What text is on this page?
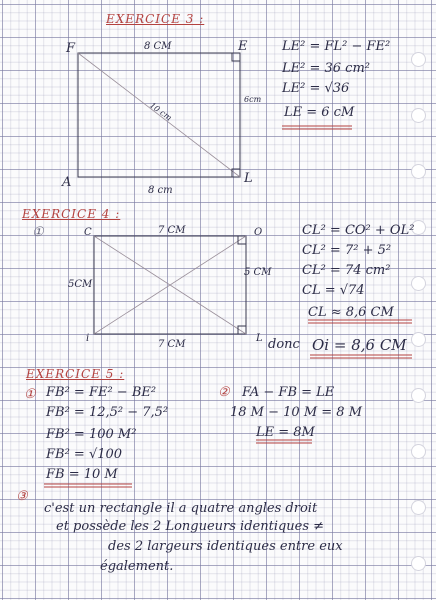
EXERCICE 3 :
F	E
A	L
8 CM
8 cm
10 cm
6cm
LE² = FL² − FE²
LE² = 36 cm²
LE² = √36
LE = 6 cM
EXERCICE 4 :
①	C	O
i	L
7 CM
7 CM
5CM
5 CM
CL² = CO² + OL²
CL² = 7² + 5²
CL² = 74 cm²
CL = √74
CL ≈ 8,6 CM
donc Oi = 8,6 CM
EXERCICE 5 :
① FB² = FE² − BE²
FB² = 12,5² − 7,5²
FB² = 100 M²
FB² = √100
FB = 10 M
② FA − FB = LE
18 M − 10 M = 8 M
LE = 8M
③
c'est un rectangle il a quatre angles droit
et possède les 2 Longueurs identiques ≠
des 2 largeurs identiques entre eux
également.
